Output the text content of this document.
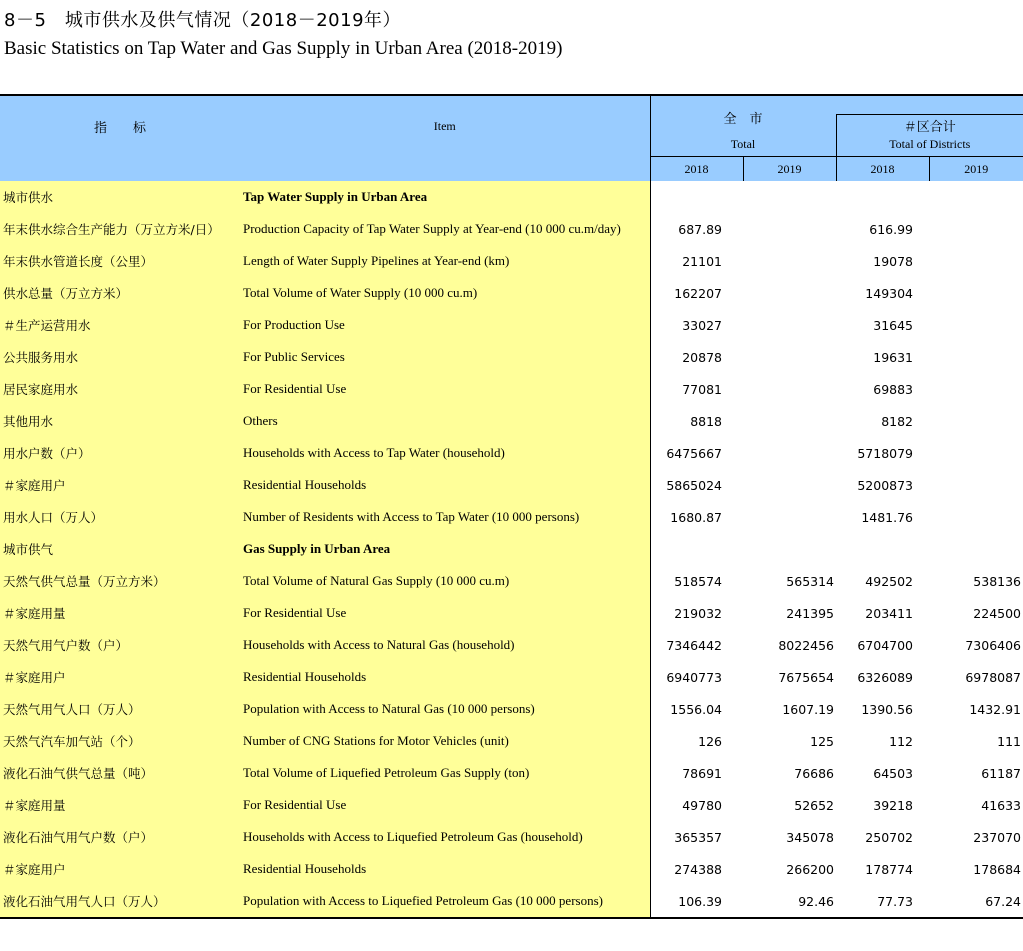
8－5　城市供水及供气情况（2018－2019年）
Basic Statistics on Tap Water and Gas Supply in Urban Area (2018-2019)
指　　标	Item	全　市			
				＃区合计	
		Total		Total of Districts	
		2018	2019	2018	2019
城市供水	Tap Water Supply in Urban Area				
年末供水综合生产能力（万立方米/日）	Production Capacity of Tap Water Supply at Year-end (10 000 cu.m/day)	687.89		616.99	
年末供水管道长度（公里）	Length of Water Supply Pipelines at Year-end (km)	21101		19078	
供水总量（万立方米）	Total Volume of Water Supply (10 000 cu.m)	162207		149304	
＃生产运营用水	For Production Use	33027		31645	
公共服务用水	For Public Services	20878		19631	
居民家庭用水	For Residential Use	77081		69883	
其他用水	Others	8818		8182	
用水户数（户）	Households with Access to Tap Water (household)	6475667		5718079	
＃家庭用户	Residential Households	5865024		5200873	
用水人口（万人）	Number of Residents with Access to Tap Water (10 000 persons)	1680.87		1481.76	
城市供气	Gas Supply in Urban Area				
天然气供气总量（万立方米）	Total Volume of Natural Gas Supply (10 000 cu.m)	518574	565314	492502	538136
＃家庭用量	For Residential Use	219032	241395	203411	224500
天然气用气户数（户）	Households with Access to Natural Gas (household)	7346442	8022456	6704700	7306406
＃家庭用户	Residential Households	6940773	7675654	6326089	6978087
天然气用气人口（万人）	Population with Access to Natural Gas (10 000 persons)	1556.04	1607.19	1390.56	1432.91
天然气汽车加气站（个）	Number of CNG Stations for Motor Vehicles (unit)	126	125	112	111
液化石油气供气总量（吨）	Total Volume of Liquefied Petroleum Gas Supply (ton)	78691	76686	64503	61187
＃家庭用量	For Residential Use	49780	52652	39218	41633
液化石油气用气户数（户）	Households with Access to Liquefied Petroleum Gas (household)	365357	345078	250702	237070
＃家庭用户	Residential Households	274388	266200	178774	178684
液化石油气用气人口（万人）	Population with Access to Liquefied Petroleum Gas (10 000 persons)	106.39	92.46	77.73	67.24
